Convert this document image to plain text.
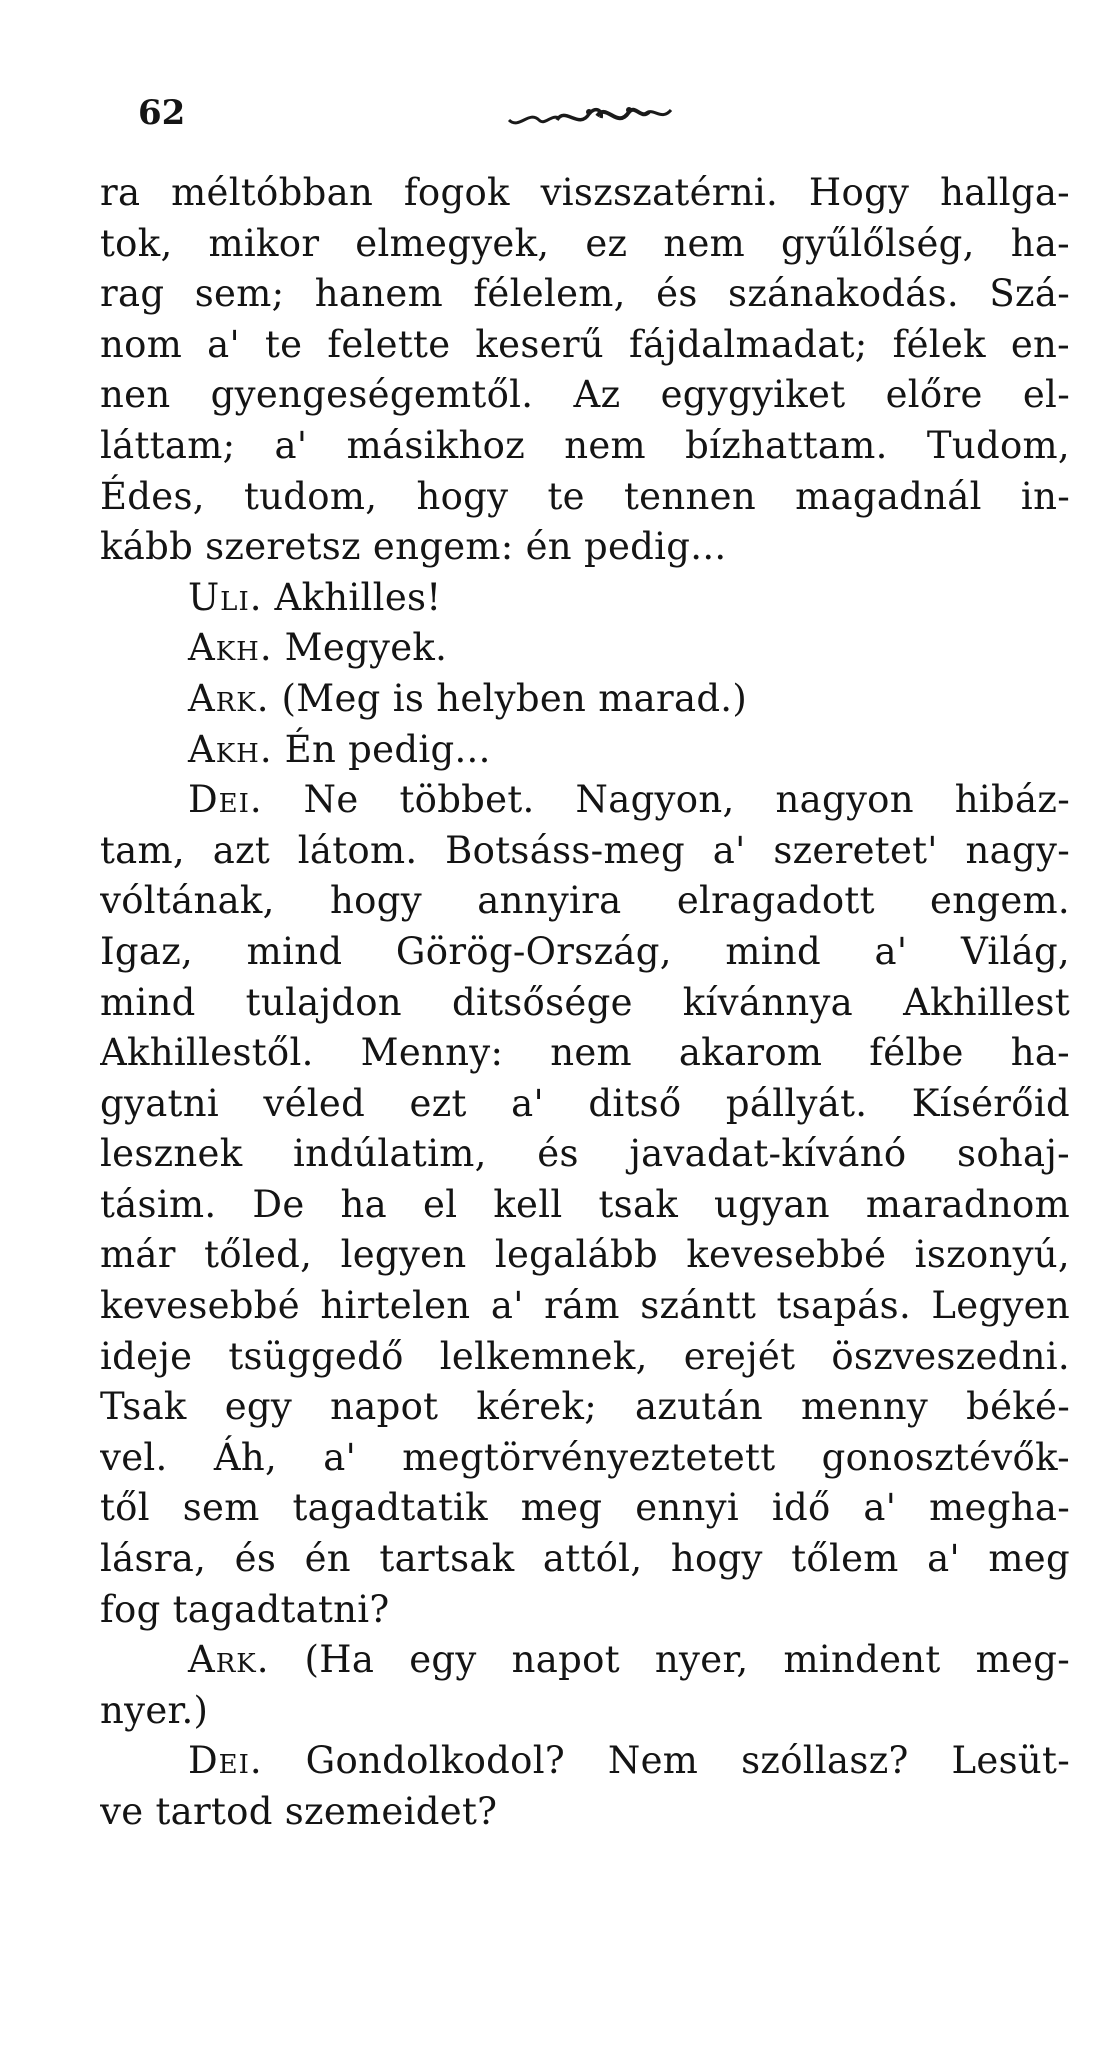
62
ra méltóbban fogok viszszatérni. Hogy hallga-
tok, mikor elmegyek, ez nem gyűlőlség, ha-
rag sem; hanem félelem, és szánakodás. Szá-
nom a' te felette keserű fájdalmadat; félek en-
nen gyengeségemtől. Az egygyiket előre el-
láttam; a' másikhoz nem bízhattam. Tudom,
Édes, tudom, hogy te tennen magadnál in-
kább szeretsz engem: én pedig...
Uli. Akhilles!
Akh. Megyek.
Ark. (Meg is helyben marad.)
Akh. Én pedig...
Dei. Ne többet. Nagyon, nagyon hibáz-
tam, azt látom. Botsáss-meg a' szeretet' nagy-
vóltának, hogy annyira elragadott engem.
Igaz, mind Görög-Ország, mind a' Világ,
mind tulajdon ditsősége kívánnya Akhillest
Akhillestől. Menny: nem akarom félbe ha-
gyatni véled ezt a' ditső pállyát. Kísérőid
lesznek indúlatim, és javadat-kívánó sohaj-
tásim. De ha el kell tsak ugyan maradnom
már tőled, legyen legalább kevesebbé iszonyú,
kevesebbé hirtelen a' rám szántt tsapás. Legyen
ideje tsüggedő lelkemnek, erejét öszveszedni.
Tsak egy napot kérek; azután menny béké-
vel. Áh, a' megtörvényeztetett gonosztévők-
től sem tagadtatik meg ennyi idő a' megha-
lásra, és én tartsak attól, hogy tőlem a' meg
fog tagadtatni?
Ark. (Ha egy napot nyer, mindent meg-
nyer.)
Dei. Gondolkodol? Nem szóllasz? Lesüt-
ve tartod szemeidet?
